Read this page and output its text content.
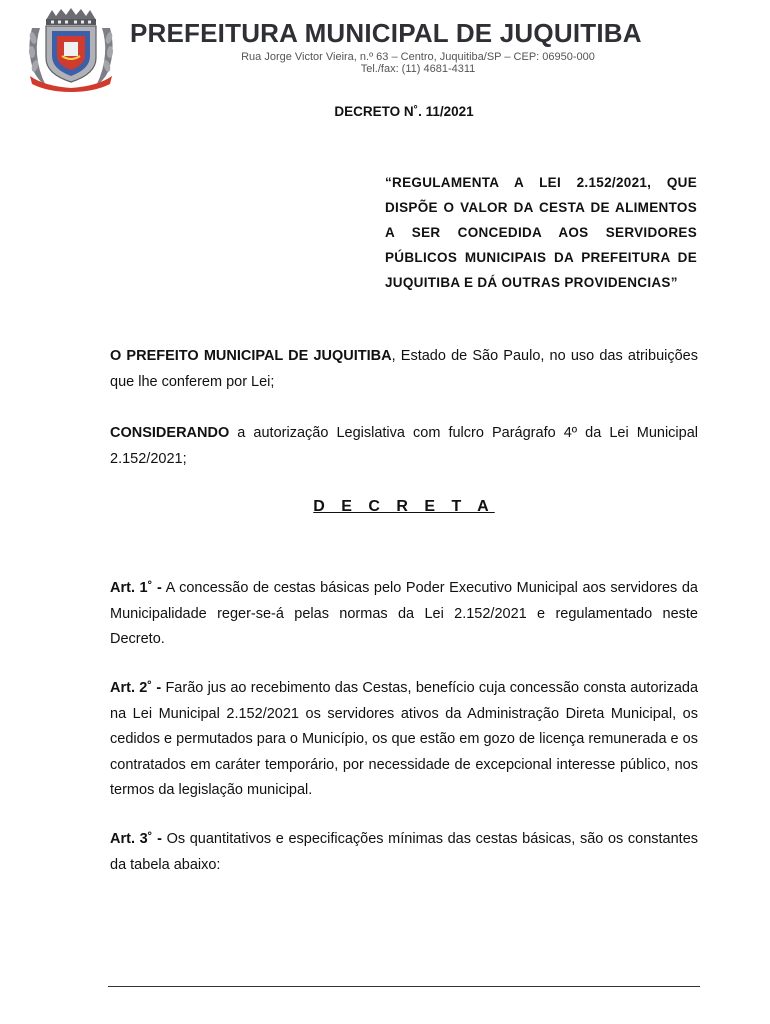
PREFEITURA MUNICIPAL DE JUQUITIBA
Rua Jorge Victor Vieira, n.º 63 – Centro, Juquitiba/SP – CEP: 06950-000
Tel./fax: (11) 4681-4311
DECRETO N˚. 11/2021
“REGULAMENTA A LEI 2.152/2021, QUE DISPÕE O VALOR DA CESTA DE ALIMENTOS A SER CONCEDIDA AOS SERVIDORES PÚBLICOS MUNICIPAIS DA PREFEITURA DE JUQUITIBA E DÁ OUTRAS PROVIDENCIAS”
O PREFEITO MUNICIPAL DE JUQUITIBA, Estado de São Paulo, no uso das atribuições que lhe conferem por Lei;
CONSIDERANDO a autorização Legislativa com fulcro Parágrafo 4º da Lei Municipal 2.152/2021;
D E C R E T A
Art. 1˚ - A concessão de cestas básicas pelo Poder Executivo Municipal aos servidores da Municipalidade reger-se-á pelas normas da Lei 2.152/2021 e regulamentado neste Decreto.
Art. 2˚ - Farão jus ao recebimento das Cestas, benefício cuja concessão consta autorizada na Lei Municipal 2.152/2021 os servidores ativos da Administração Direta Municipal, os cedidos e permutados para o Município, os que estão em gozo de licença remunerada e os contratados em caráter temporário, por necessidade de excepcional interesse público, nos termos da legislação municipal.
Art. 3˚ - Os quantitativos e especificações mínimas das cestas básicas, são os constantes da tabela abaixo:
